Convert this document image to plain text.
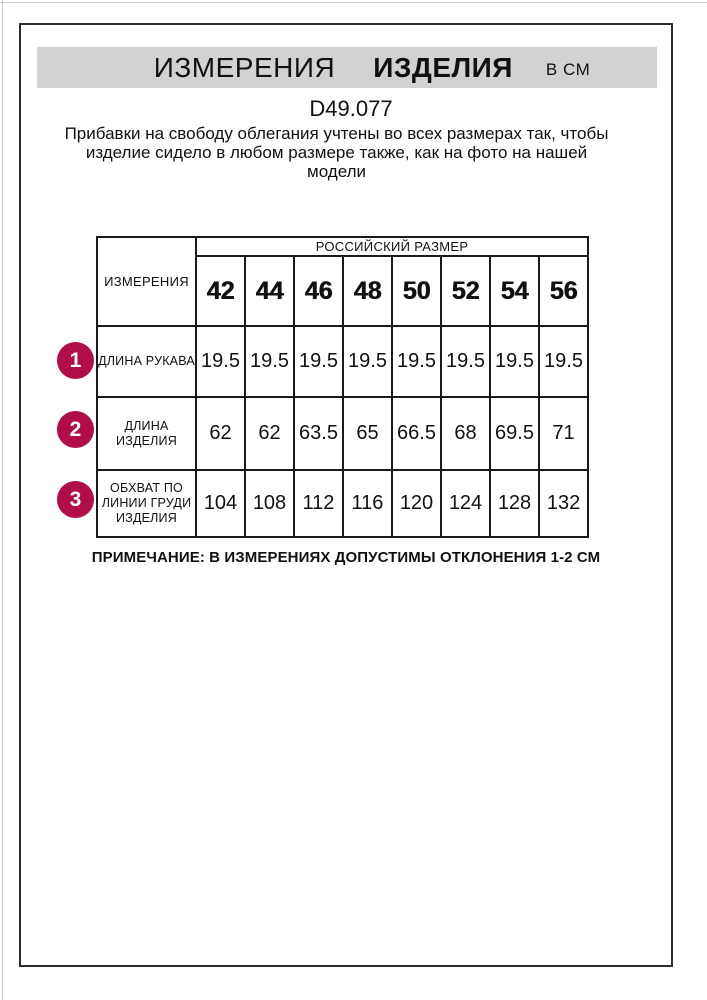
ИЗМЕРЕНИЯ ИЗДЕЛИЯ В СМ
D49.077
Прибавки на свободу облегания учтены во всех размерах так, чтобы
изделие сидело в любом размере также, как на фото на нашей
модели
ИЗМЕРЕНИЯ	РОССИЙСКИЙ РАЗМЕР							
	42	44	46	48	50	52	54	56
ДЛИНА РУКАВА	19.5	19.5	19.5	19.5	19.5	19.5	19.5	19.5
ДЛИНА
ИЗДЕЛИЯ	62	62	63.5	65	66.5	68	69.5	71
ОБХВАТ ПО
ЛИНИИ ГРУДИ
ИЗДЕЛИЯ	104	108	112	116	120	124	128	132
1
2
3
ПРИМЕЧАНИЕ: В ИЗМЕРЕНИЯХ ДОПУСТИМЫ ОТКЛОНЕНИЯ 1-2 СМ
